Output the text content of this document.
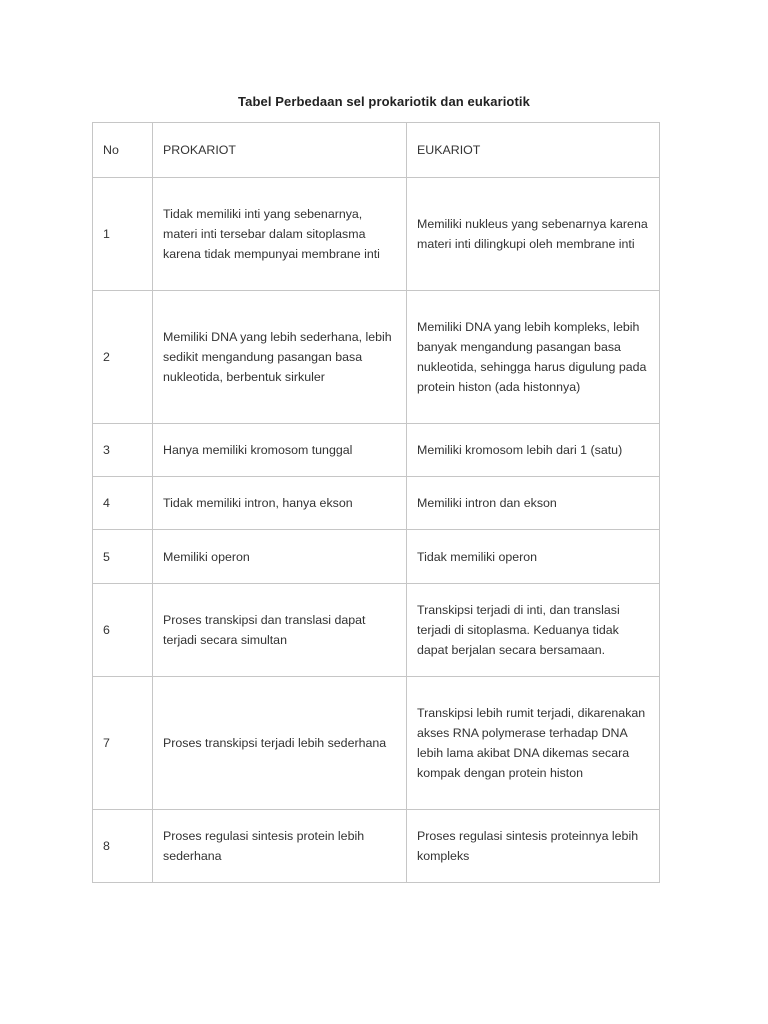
Tabel Perbedaan sel prokariotik dan eukariotik
No	PROKARIOT	EUKARIOT
1	Tidak memiliki inti yang sebenarnya, materi inti tersebar dalam sitoplasma karena tidak mempunyai membrane inti	Memiliki nukleus yang sebenarnya karena materi inti dilingkupi oleh membrane inti
2	Memiliki DNA yang lebih sederhana, lebih sedikit mengandung pasangan basa nukleotida, berbentuk sirkuler	Memiliki DNA yang lebih kompleks, lebih banyak mengandung pasangan basa nukleotida, sehingga harus digulung pada protein histon (ada histonnya)
3	Hanya memiliki kromosom tunggal	Memiliki kromosom lebih dari 1 (satu)
4	Tidak memiliki intron, hanya ekson	Memiliki intron dan ekson
5	Memiliki operon	Tidak memiliki operon
6	Proses transkipsi dan translasi dapat terjadi secara simultan	Transkipsi terjadi di inti, dan translasi terjadi di sitoplasma. Keduanya tidak dapat berjalan secara bersamaan.
7	Proses transkipsi terjadi lebih sederhana	Transkipsi lebih rumit terjadi, dikarenakan akses RNA polymerase terhadap DNA lebih lama akibat DNA dikemas secara kompak dengan protein histon
8	Proses regulasi sintesis protein lebih sederhana	Proses regulasi sintesis proteinnya lebih kompleks
